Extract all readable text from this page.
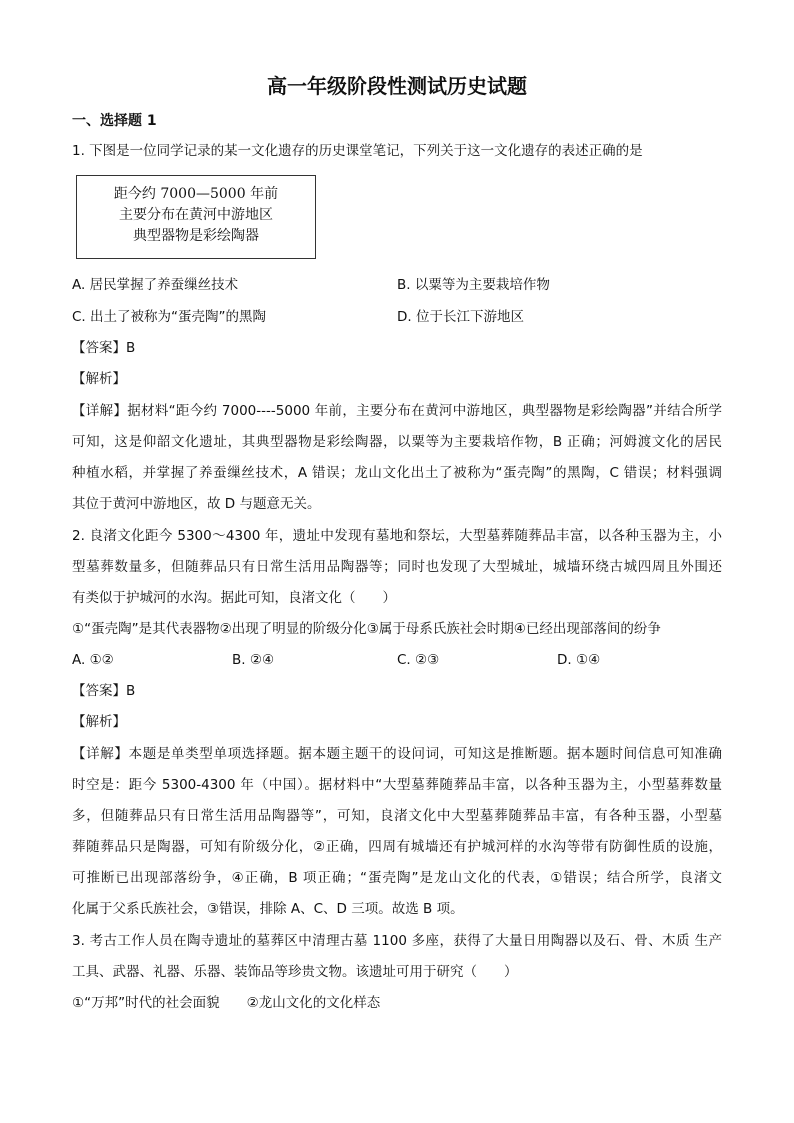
高一年级阶段性测试历史试题
一、选择题 1
1. 下图是一位同学记录的某一文化遗存的历史课堂笔记，下列关于这一文化遗存的表述正确的是
距今约 7000—5000 年前
主要分布在黄河中游地区
典型器物是彩绘陶器
A. 居民掌握了养蚕缫丝技术	B. 以粟等为主要栽培作物
C. 出土了被称为“蛋壳陶”的黑陶	D. 位于长江下游地区
【答案】B
【解析】
【详解】据材料“距今约 7000----5000 年前，主要分布在黄河中游地区，典型器物是彩绘陶器”并结合所学
可知，这是仰韶文化遗址，其典型器物是彩绘陶器，以粟等为主要栽培作物，B 正确；河姆渡文化的居民
种植水稻，并掌握了养蚕缫丝技术，A 错误；龙山文化出土了被称为“蛋壳陶”的黑陶，C 错误；材料强调
其位于黄河中游地区，故 D 与题意无关。
2. 良渚文化距今 5300～4300 年，遗址中发现有墓地和祭坛，大型墓葬随葬品丰富，以各种玉器为主，小
型墓葬数量多，但随葬品只有日常生活用品陶器等；同时也发现了大型城址，城墙环绕古城四周且外围还
有类似于护城河的水沟。据此可知，良渚文化（　　）
①“蛋壳陶”是其代表器物②出现了明显的阶级分化③属于母系氏族社会时期④已经出现部落间的纷争
A. ①②	B. ②④	C. ②③	D. ①④
【答案】B
【解析】
【详解】本题是单类型单项选择题。据本题主题干的设问词，可知这是推断题。据本题时间信息可知准确
时空是：距今 5300-4300 年（中国）。据材料中“大型墓葬随葬品丰富，以各种玉器为主，小型墓葬数量
多，但随葬品只有日常生活用品陶器等”，可知，良渚文化中大型墓葬随葬品丰富，有各种玉器，小型墓
葬随葬品只是陶器，可知有阶级分化，②正确，四周有城墙还有护城河样的水沟等带有防御性质的设施，
可推断已出现部落纷争，④正确，B 项正确；“蛋壳陶”是龙山文化的代表，①错误；结合所学，良渚文
化属于父系氏族社会，③错误，排除 A、C、D 三项。故选 B 项。
3. 考古工作人员在陶寺遗址的墓葬区中清理古墓 1100 多座，获得了大量日用陶器以及石、骨、木质 生产
工具、武器、礼器、乐器、装饰品等珍贵文物。该遗址可用于研究（　　）
①“万邦”时代的社会面貌　　②龙山文化的文化样态
